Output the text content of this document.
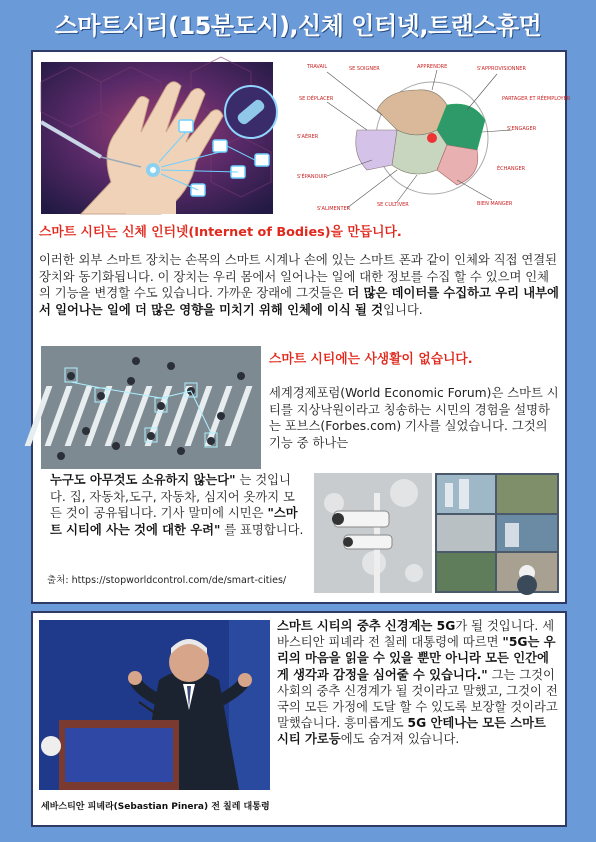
스마트시티(15분도시),신체 인터넷,트랜스휴먼
TRAVAIL	SE SOIGNER	APPRENDRE	S'APPROVISIONNER
SE DÉPLACER	PARTAGER ET RÉEMPLOYER
S'AÉRER
S'ENGAGER
S'ÉPANOUIR
ÉCHANGER
S'ALIMENTER
SE CULTIVER	BIEN MANGER
스마트 시티는 신체 인터넷(Internet of Bodies)을 만듭니다.
이러한 외부 스마트 장치는 손목의 스마트 시계나 손에 있는 스마트 폰과 같이 인체와 직접 연결된 장치와 동기화됩니다. 이 장치는 우리 몸에서 일어나는 일에 대한 정보를 수집 할 수 있으며 인체의 기능을 변경할 수도 있습니다. 가까운 장래에 그것들은 더 많은 데이터를 수집하고 우리 내부에서 일어나는 일에 더 많은 영향을 미치기 위해 인체에 이식 될 것입니다.
스마트 시티에는 사생활이 없습니다.
세계경제포럼(World Economic Forum)은 스마트 시티를 지상낙원이라고 칭송하는 시민의 경험을 설명하는 포브스(Forbes.com) 기사를 실었습니다. 그것의 기능 중 하나는
누구도 아무것도 소유하지 않는다" 는 것입니다. 집, 자동차,도구, 자동차, 심지어 옷까지 모든 것이 공유됩니다. 기사 말미에 시민은 "스마트 시티에 사는 것에 대한 우려" 를 표명합니다.
출처: https://stopworldcontrol.com/de/smart-cities/
스마트 시티의 중추 신경계는 5G가 될 것입니다. 세바스티안 피녜라 전 칠레 대통령에 따르면 "5G는 우리의 마음을 읽을 수 있을 뿐만 아니라 모든 인간에게 생각과 감정을 심어줄 수 있습니다." 그는 그것이 사회의 중추 신경계가 될 것이라고 말했고, 그것이 전국의 모든 가정에 도달 할 수 있도록 보장할 것이라고 말했습니다. 흥미롭게도 5G 안테나는 모든 스마트 시티 가로등에도 숨겨져 있습니다.
세바스티안 피녜라(Sebastian Pinera) 전 칠레 대통령
